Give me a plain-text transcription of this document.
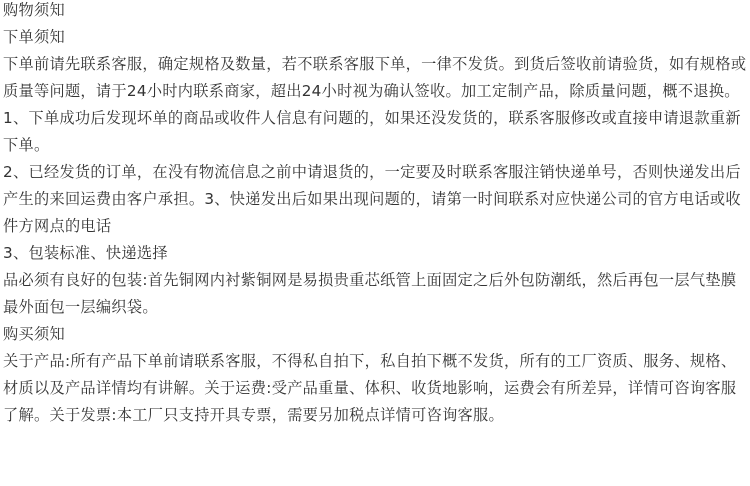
购物须知
下单须知
下单前请先联系客服，确定规格及数量，若不联系客服下单，一律不发货。到货后签收前请验货，如有规格或质量等问题，请于24小时内联系商家，超出24小时视为确认签收。加工定制产品，除质量问题，概不退换。
1、下单成功后发现坏单的商品或收件人信息有问题的，如果还没发货的，联系客服修改或直接申请退款重新下单。
2、已经发货的订单，在没有物流信息之前中请退货的，一定要及时联系客服注销快递单号，否则快递发出后产生的来回运费由客户承担。3、快递发出后如果出现问题的，请第一时间联系对应快递公司的官方电话或收件方网点的电话
3、包装标准、快递选择
品必须有良好的包装:首先铜网内衬紫铜网是易损贵重芯纸管上面固定之后外包防潮纸，然后再包一层气垫膜最外面包一层编织袋。
购买须知
关于产品:所有产品下单前请联系客服，不得私自拍下，私自拍下概不发货，所有的工厂资质、服务、规格、材质以及产品详情均有讲解。关于运费:受产品重量、体积、收货地影响，运费会有所差异，详情可咨询客服了解。关于发票:本工厂只支持开具专票，需要另加税点详情可咨询客服。
